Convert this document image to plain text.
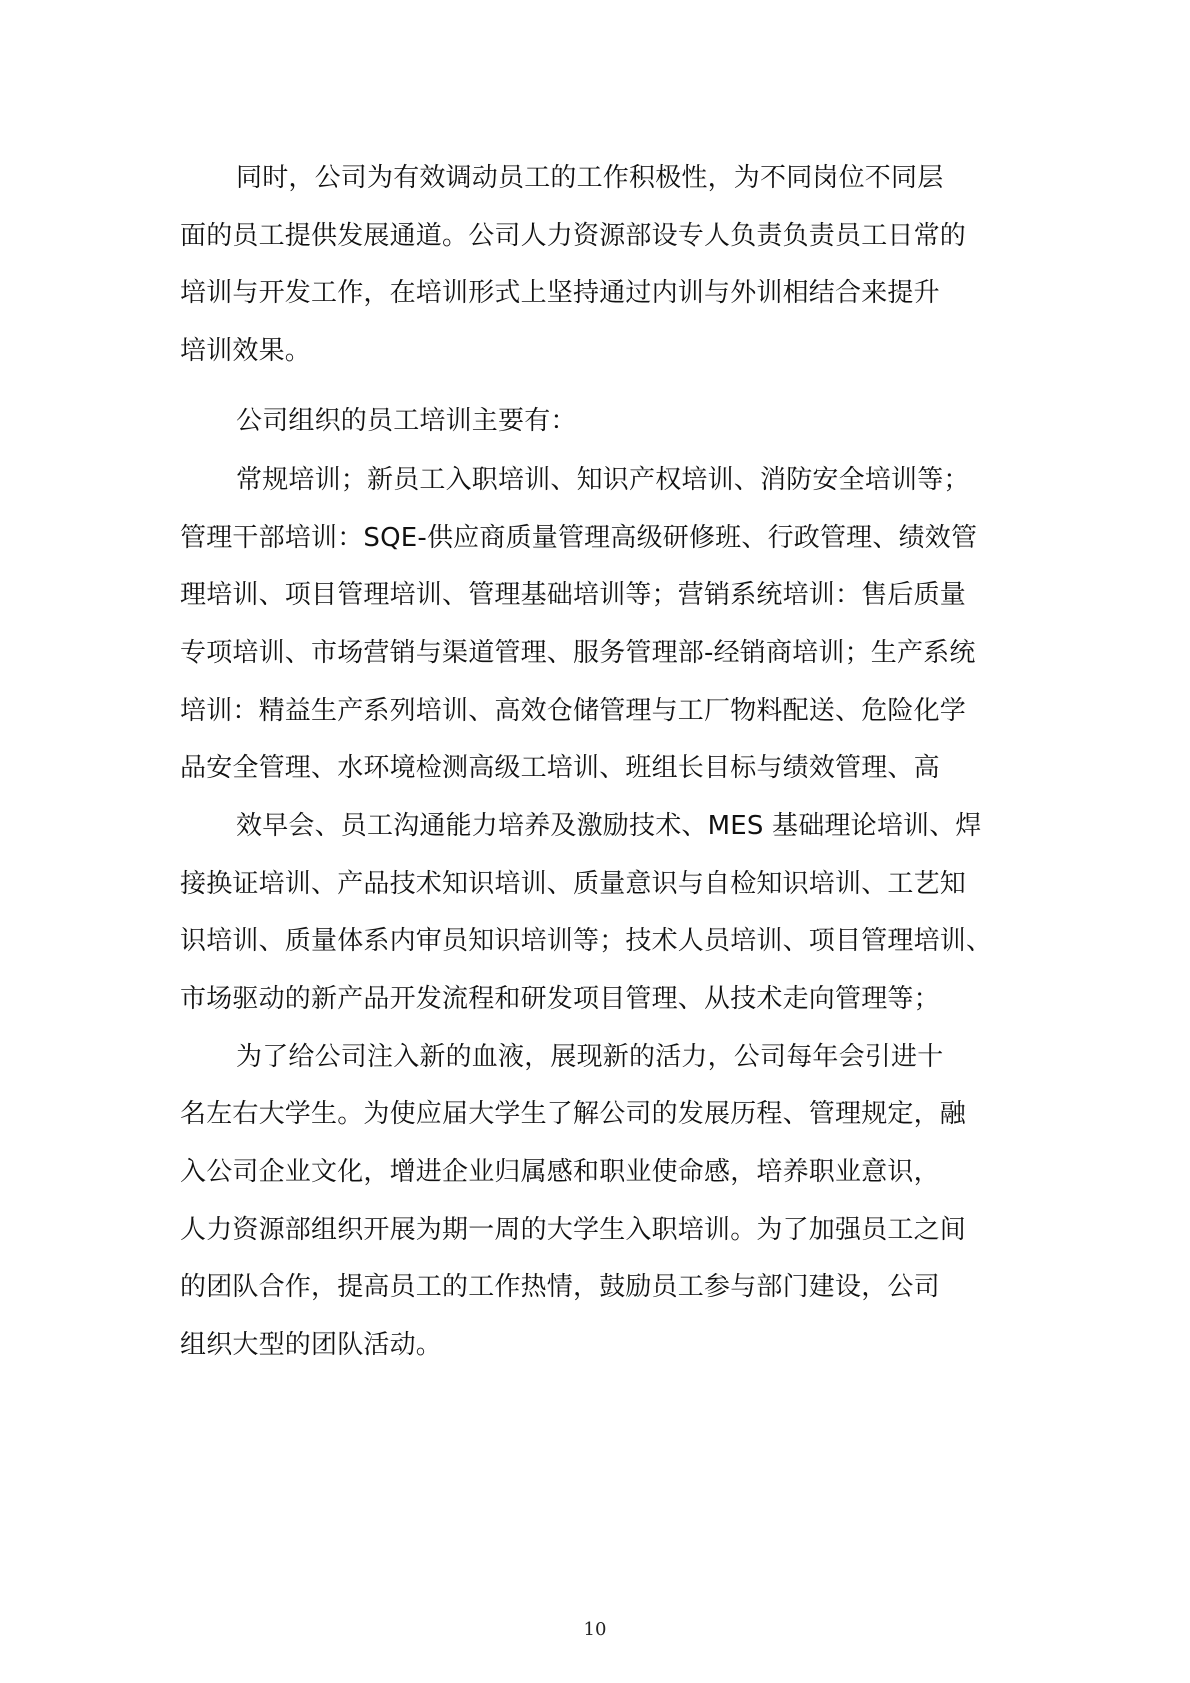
同时，公司为有效调动员工的工作积极性，为不同岗位不同层
面的员工提供发展通道。公司人力资源部设专人负责负责员工日常的
培训与开发工作，在培训形式上坚持通过内训与外训相结合来提升
培训效果。
公司组织的员工培训主要有：
常规培训；新员工入职培训、知识产权培训、消防安全培训等；
管理干部培训：SQE-供应商质量管理高级研修班、行政管理、绩效管
理培训、项目管理培训、管理基础培训等；营销系统培训：售后质量
专项培训、市场营销与渠道管理、服务管理部-经销商培训；生产系统
培训：精益生产系列培训、高效仓储管理与工厂物料配送、危险化学
品安全管理、水环境检测高级工培训、班组长目标与绩效管理、高
效早会、员工沟通能力培养及激励技术、MES 基础理论培训、焊
接换证培训、产品技术知识培训、质量意识与自检知识培训、工艺知
识培训、质量体系内审员知识培训等；技术人员培训、项目管理培训、
市场驱动的新产品开发流程和研发项目管理、从技术走向管理等；
为了给公司注入新的血液，展现新的活力，公司每年会引进十
名左右大学生。为使应届大学生了解公司的发展历程、管理规定，融
入公司企业文化，增进企业归属感和职业使命感，培养职业意识，
人力资源部组织开展为期一周的大学生入职培训。为了加强员工之间
的团队合作，提高员工的工作热情，鼓励员工参与部门建设，公司
组织大型的团队活动。
10
